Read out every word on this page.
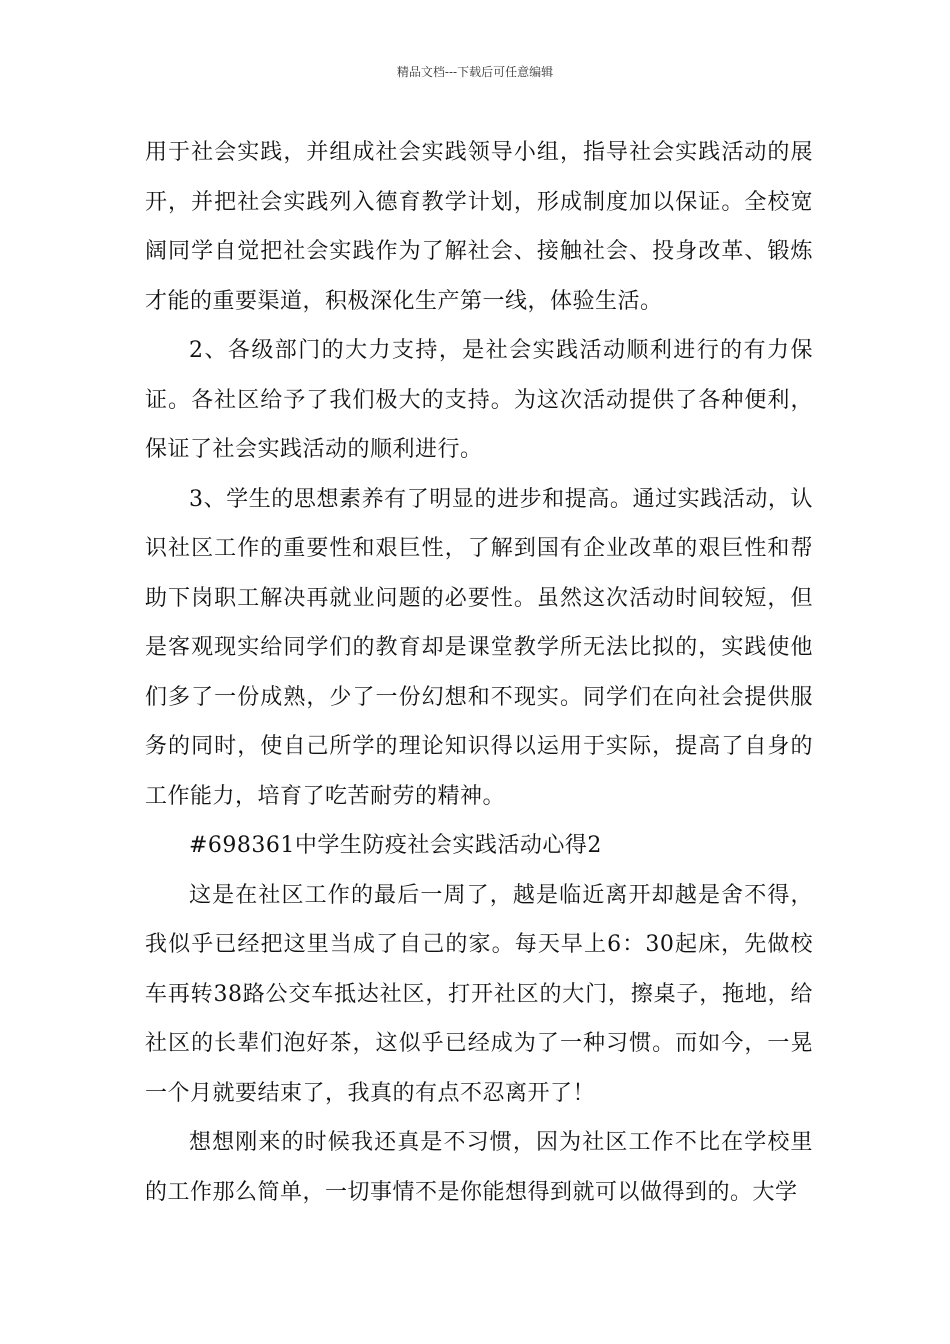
精品文档---下载后可任意编辑

用于社会实践，并组成社会实践领导小组，指导社会实践活动的展开，并把社会实践列入德育教学计划，形成制度加以保证。全校宽阔同学自觉把社会实践作为了解社会、接触社会、投身改革、锻炼才能的重要渠道，积极深化生产第一线，体验生活。

2、各级部门的大力支持，是社会实践活动顺利进行的有力保证。各社区给予了我们极大的支持。为这次活动提供了各种便利，保证了社会实践活动的顺利进行。

3、学生的思想素养有了明显的进步和提高。通过实践活动，认识社区工作的重要性和艰巨性，了解到国有企业改革的艰巨性和帮助下岗职工解决再就业问题的必要性。虽然这次活动时间较短，但是客观现实给同学们的教育却是课堂教学所无法比拟的，实践使他们多了一份成熟，少了一份幻想和不现实。同学们在向社会提供服务的同时，使自己所学的理论知识得以运用于实际，提高了自身的工作能力，培育了吃苦耐劳的精神。

#698361中学生防疫社会实践活动心得2

这是在社区工作的最后一周了，越是临近离开却越是舍不得，我似乎已经把这里当成了自己的家。每天早上6：30起床，先做校车再转38路公交车抵达社区，打开社区的大门，擦桌子，拖地，给社区的长辈们泡好茶，这似乎已经成为了一种习惯。而如今，一晃一个月就要结束了，我真的有点不忍离开了！

想想刚来的时候我还真是不习惯，因为社区工作不比在学校里的工作那么简单，一切事情不是你能想得到就可以做得到的。大学
